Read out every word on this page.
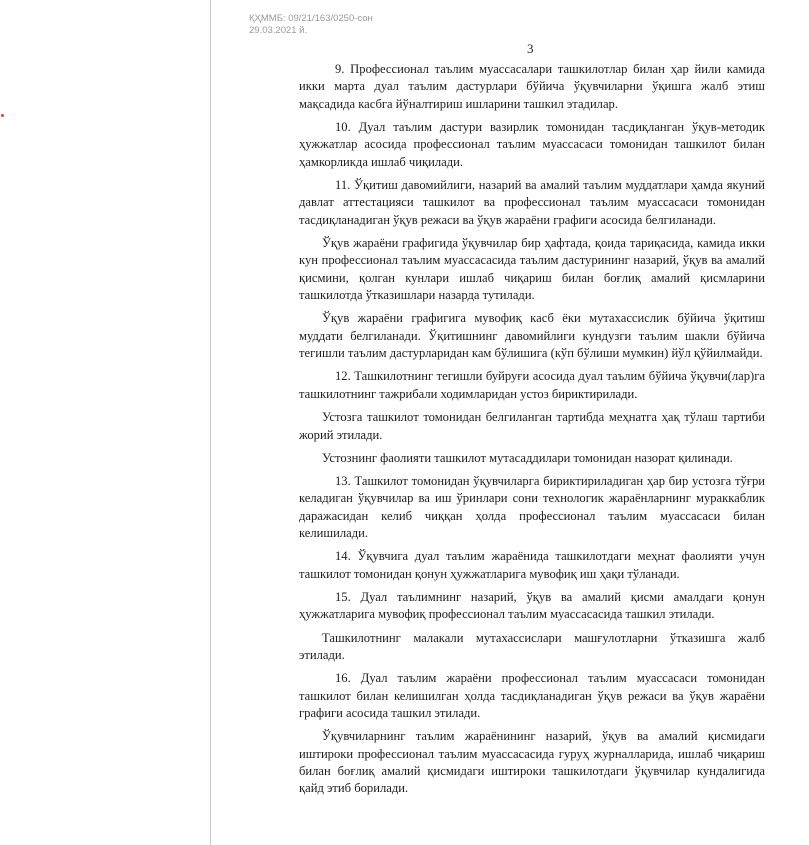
ҚҲММБ: 09/21/163/0250-сон
29.03.2021 й.
3

9. Профессионал таълим муассасалари ташкилотлар билан ҳар йили камида икки марта дуал таълим дастурлари бўйича ўқувчиларни ўқишга жалб этиш мақсадида касбга йўналтириш ишларини ташкил этадилар.

10. Дуал таълим дастури вазирлик томонидан тасдиқланган ўқув-методик ҳужжатлар асосида профессионал таълим муассасаси томонидан ташкилот билан ҳамкорликда ишлаб чиқилади.

11. Ўқитиш давомийлиги, назарий ва амалий таълим муддатлари ҳамда якуний давлат аттестацияси ташкилот ва профессионал таълим муассасаси томонидан тасдиқланадиган ўқув режаси ва ўқув жараёни графиги асосида белгиланади.

Ўқув жараёни графигида ўқувчилар бир ҳафтада, қоида тариқасида, камида икки кун профессионал таълим муассасасида таълим дастурининг назарий, ўқув ва амалий қисмини, қолган кунлари ишлаб чиқариш билан боғлиқ амалий қисмларини ташкилотда ўтказишлари назарда тутилади.

Ўқув жараёни графигига мувофиқ касб ёки мутахассислик бўйича ўқитиш муддати белгиланади. Ўқитишнинг давомийлиги кундузги таълим шакли бўйича тегишли таълим дастурларидан кам бўлишига (кўп бўлиши мумкин) йўл қўйилмайди.

12. Ташкилотнинг тегишли буйруғи асосида дуал таълим бўйича ўқувчи(лар)га ташкилотнинг тажрибали ходимларидан устоз бириктирилади.

Устозга ташкилот томонидан белгиланган тартибда меҳнатга ҳақ тўлаш тартиби жорий этилади.

Устознинг фаолияти ташкилот мутасаддилари томонидан назорат қилинади.

13. Ташкилот томонидан ўқувчиларга бириктириладиган ҳар бир устозга тўғри келадиган ўқувчилар ва иш ўринлари сони технологик жараёнларнинг мураккаблик даражасидан келиб чиққан ҳолда профессионал таълим муассасаси билан келишилади.

14. Ўқувчига дуал таълим жараёнида ташкилотдаги меҳнат фаолияти учун ташкилот томонидан қонун ҳужжатларига мувофиқ иш ҳақи тўланади.

15. Дуал таълимнинг назарий, ўқув ва амалий қисми амалдаги қонун ҳужжатларига мувофиқ профессионал таълим муассасасида ташкил этилади.

Ташкилотнинг малакали мутахассислари машғулотларни ўтказишга жалб этилади.

16. Дуал таълим жараёни профессионал таълим муассасаси томонидан ташкилот билан келишилган ҳолда тасдиқланадиган ўқув режаси ва ўқув жараёни графиги асосида ташкил этилади.

Ўқувчиларнинг таълим жараёнининг назарий, ўқув ва амалий қисмидаги иштироки профессионал таълим муассасасида гуруҳ журналларида, ишлаб чиқариш билан боғлиқ амалий қисмидаги иштироки ташкилотдаги ўқувчилар кундалигида қайд этиб борилади.
